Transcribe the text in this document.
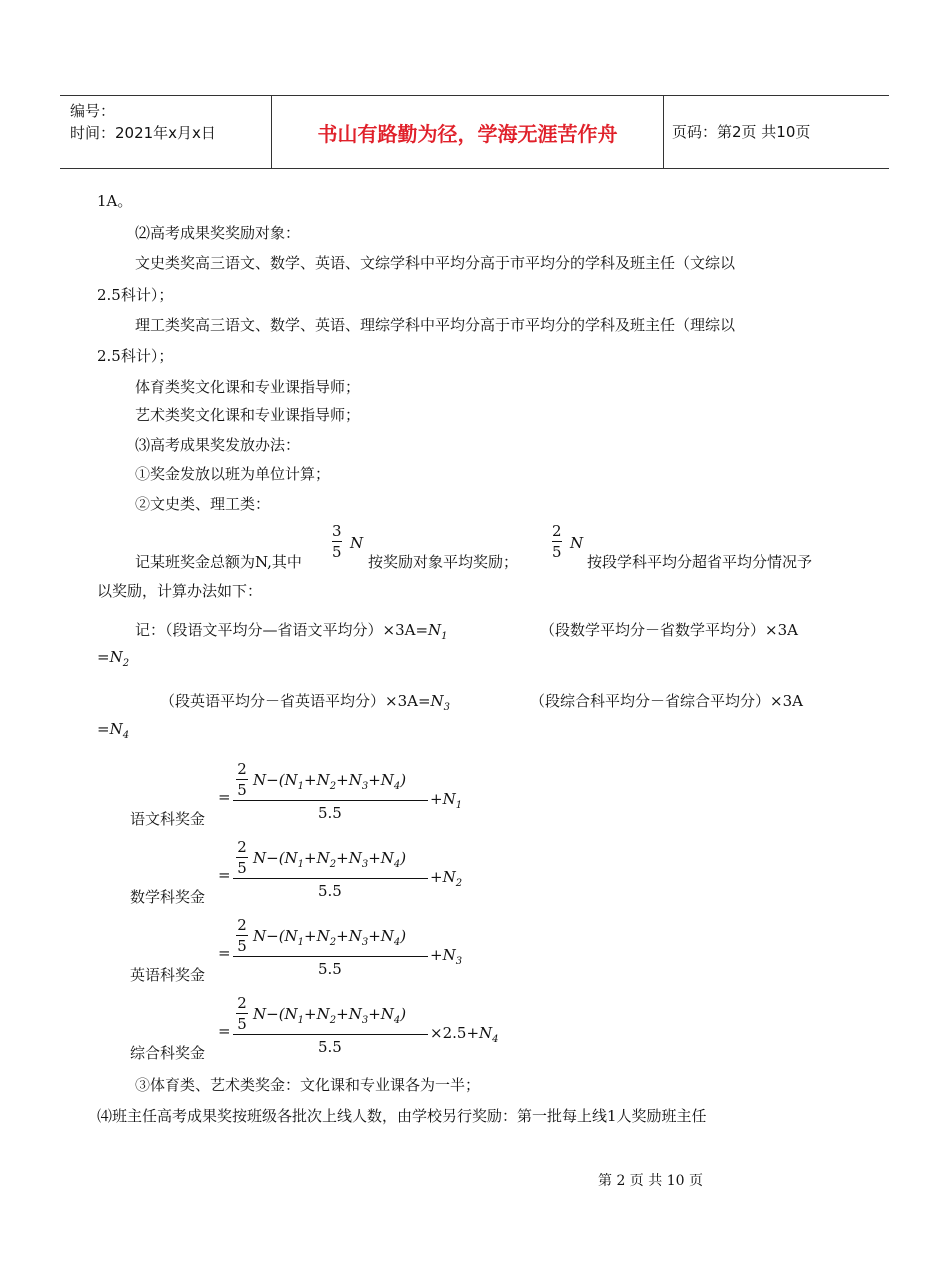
编号：
时间：2021年x月x日	书山有路勤为径，学海无涯苦作舟	页码：第2页 共10页
1A。
⑵高考成果奖奖励对象：
文史类奖高三语文、数学、英语、文综学科中平均分高于市平均分的学科及班主任（文综以
2.5科计）；
理工类奖高三语文、数学、英语、理综学科中平均分高于市平均分的学科及班主任（理综以
2.5科计）；
体育类奖文化课和专业课指导师；
艺术类奖文化课和专业课指导师；
⑶高考成果奖发放办法：
①奖金发放以班为单位计算；
②文史类、理工类：
记某班奖金总额为N,其中
$\frac{3}{5}$ N
按奖励对象平均奖励；
$\frac{2}{5}$ N
按段学科平均分超省平均分情况予
以奖励，计算办法如下：
记：（段语文平均分—省语文平均分）$\times 3A=N_1$	（段数学平均分－省数学平均分）×3A
$=N_2$
（段英语平均分－省英语平均分）$\times 3A=N_3$	（段综合科平均分－省综合平均分）×3A
$=N_4$
语文科奖金
=
2
5
$N-(N_1+N_2+N_3+N_4)$
5.5
$+N_1$
数学科奖金
=
2
5
$N-(N_1+N_2+N_3+N_4)$
5.5
$+N_2$
英语科奖金
=
2
5
$N-(N_1+N_2+N_3+N_4)$
5.5
$+N_3$
综合科奖金
=
2
5
$N-(N_1+N_2+N_3+N_4)$
5.5
$\times 2.5+N_4$
③体育类、艺术类奖金：文化课和专业课各为一半；
⑷班主任高考成果奖按班级各批次上线人数，由学校另行奖励：第一批每上线1人奖励班主任
第 2 页 共 10 页
